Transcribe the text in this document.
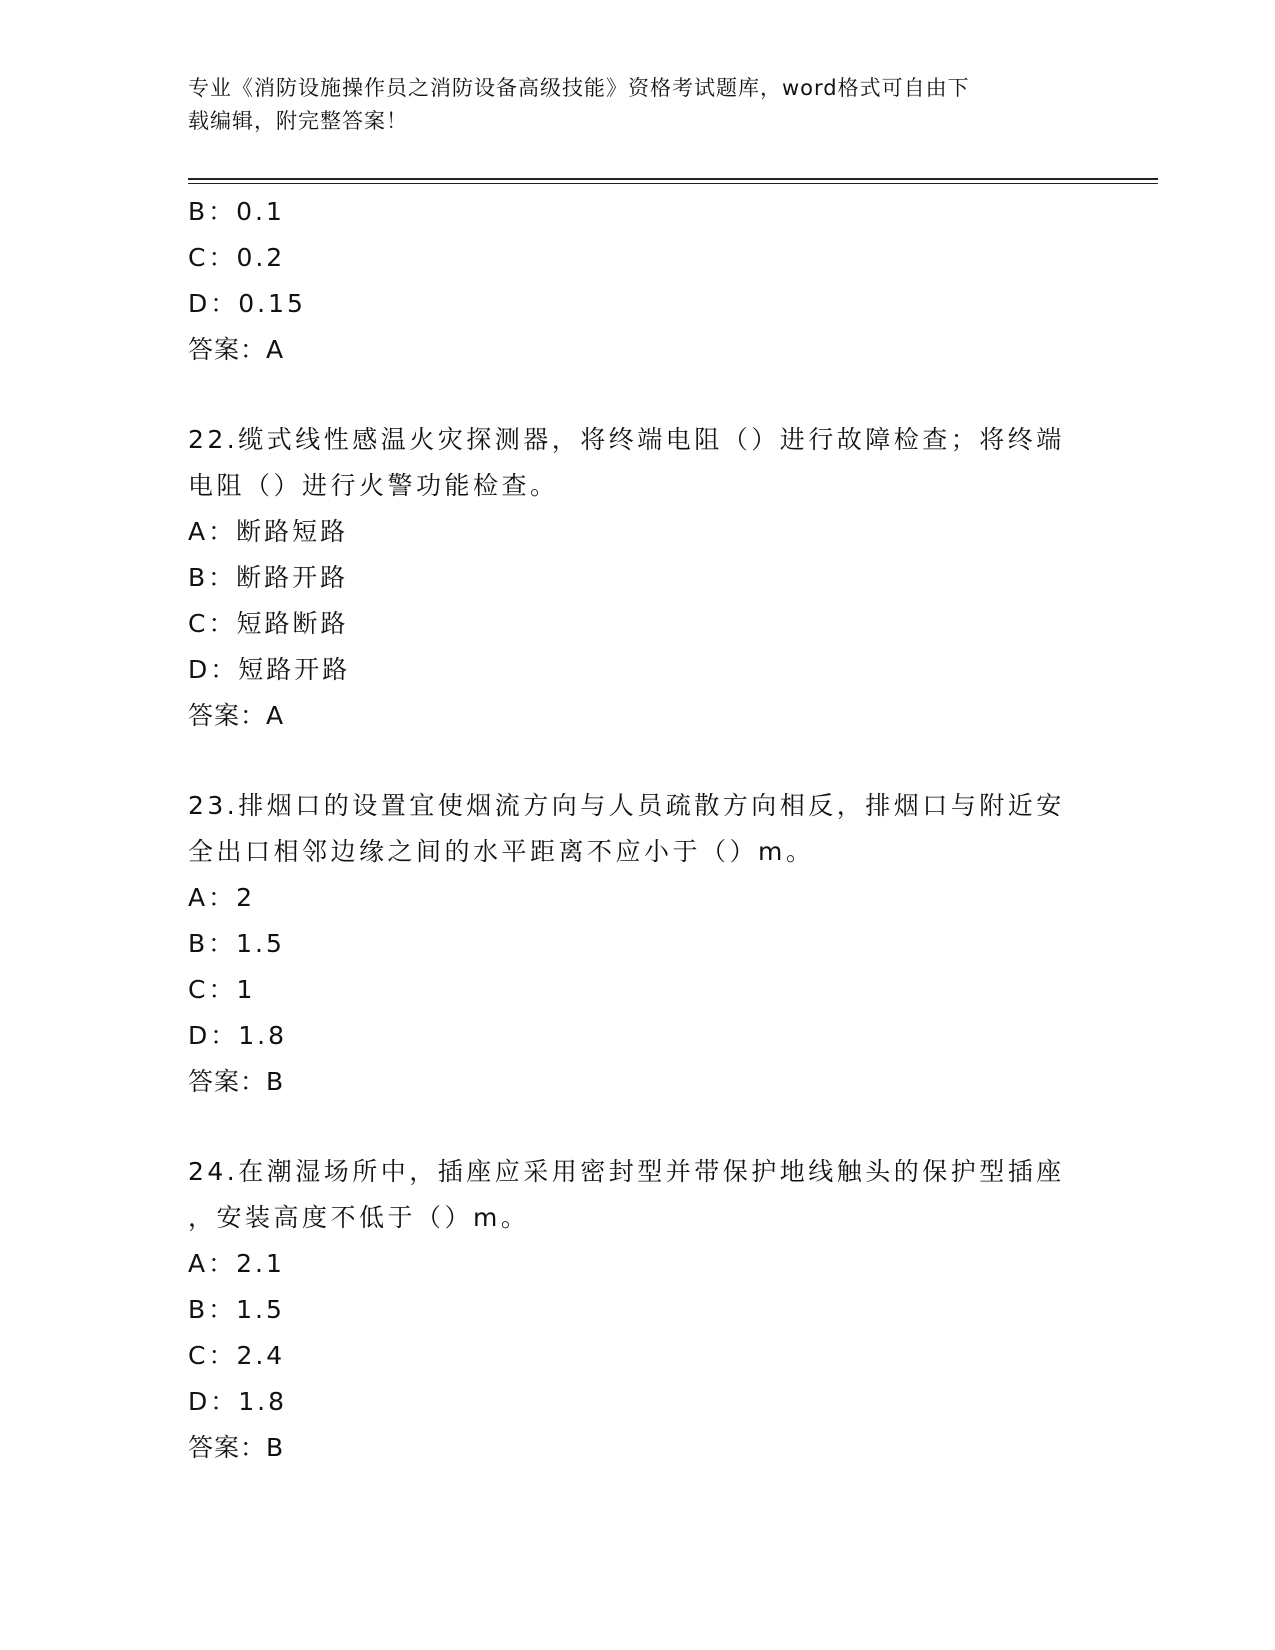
专业《消防设施操作员之消防设备高级技能》资格考试题库，word格式可自由下
载编辑，附完整答案！
B：0.1
C：0.2
D：0.15
答案：A
22.缆式线性感温火灾探测器，将终端电阻（）进行故障检查；将终端
电阻（）进行火警功能检查。
A：断路短路
B：断路开路
C：短路断路
D：短路开路
答案：A
23.排烟口的设置宜使烟流方向与人员疏散方向相反，排烟口与附近安
全出口相邻边缘之间的水平距离不应小于（）m。
A：2
B：1.5
C：1
D：1.8
答案：B
24.在潮湿场所中，插座应采用密封型并带保护地线触头的保护型插座
，安装高度不低于（）m。
A：2.1
B：1.5
C：2.4
D：1.8
答案：B
